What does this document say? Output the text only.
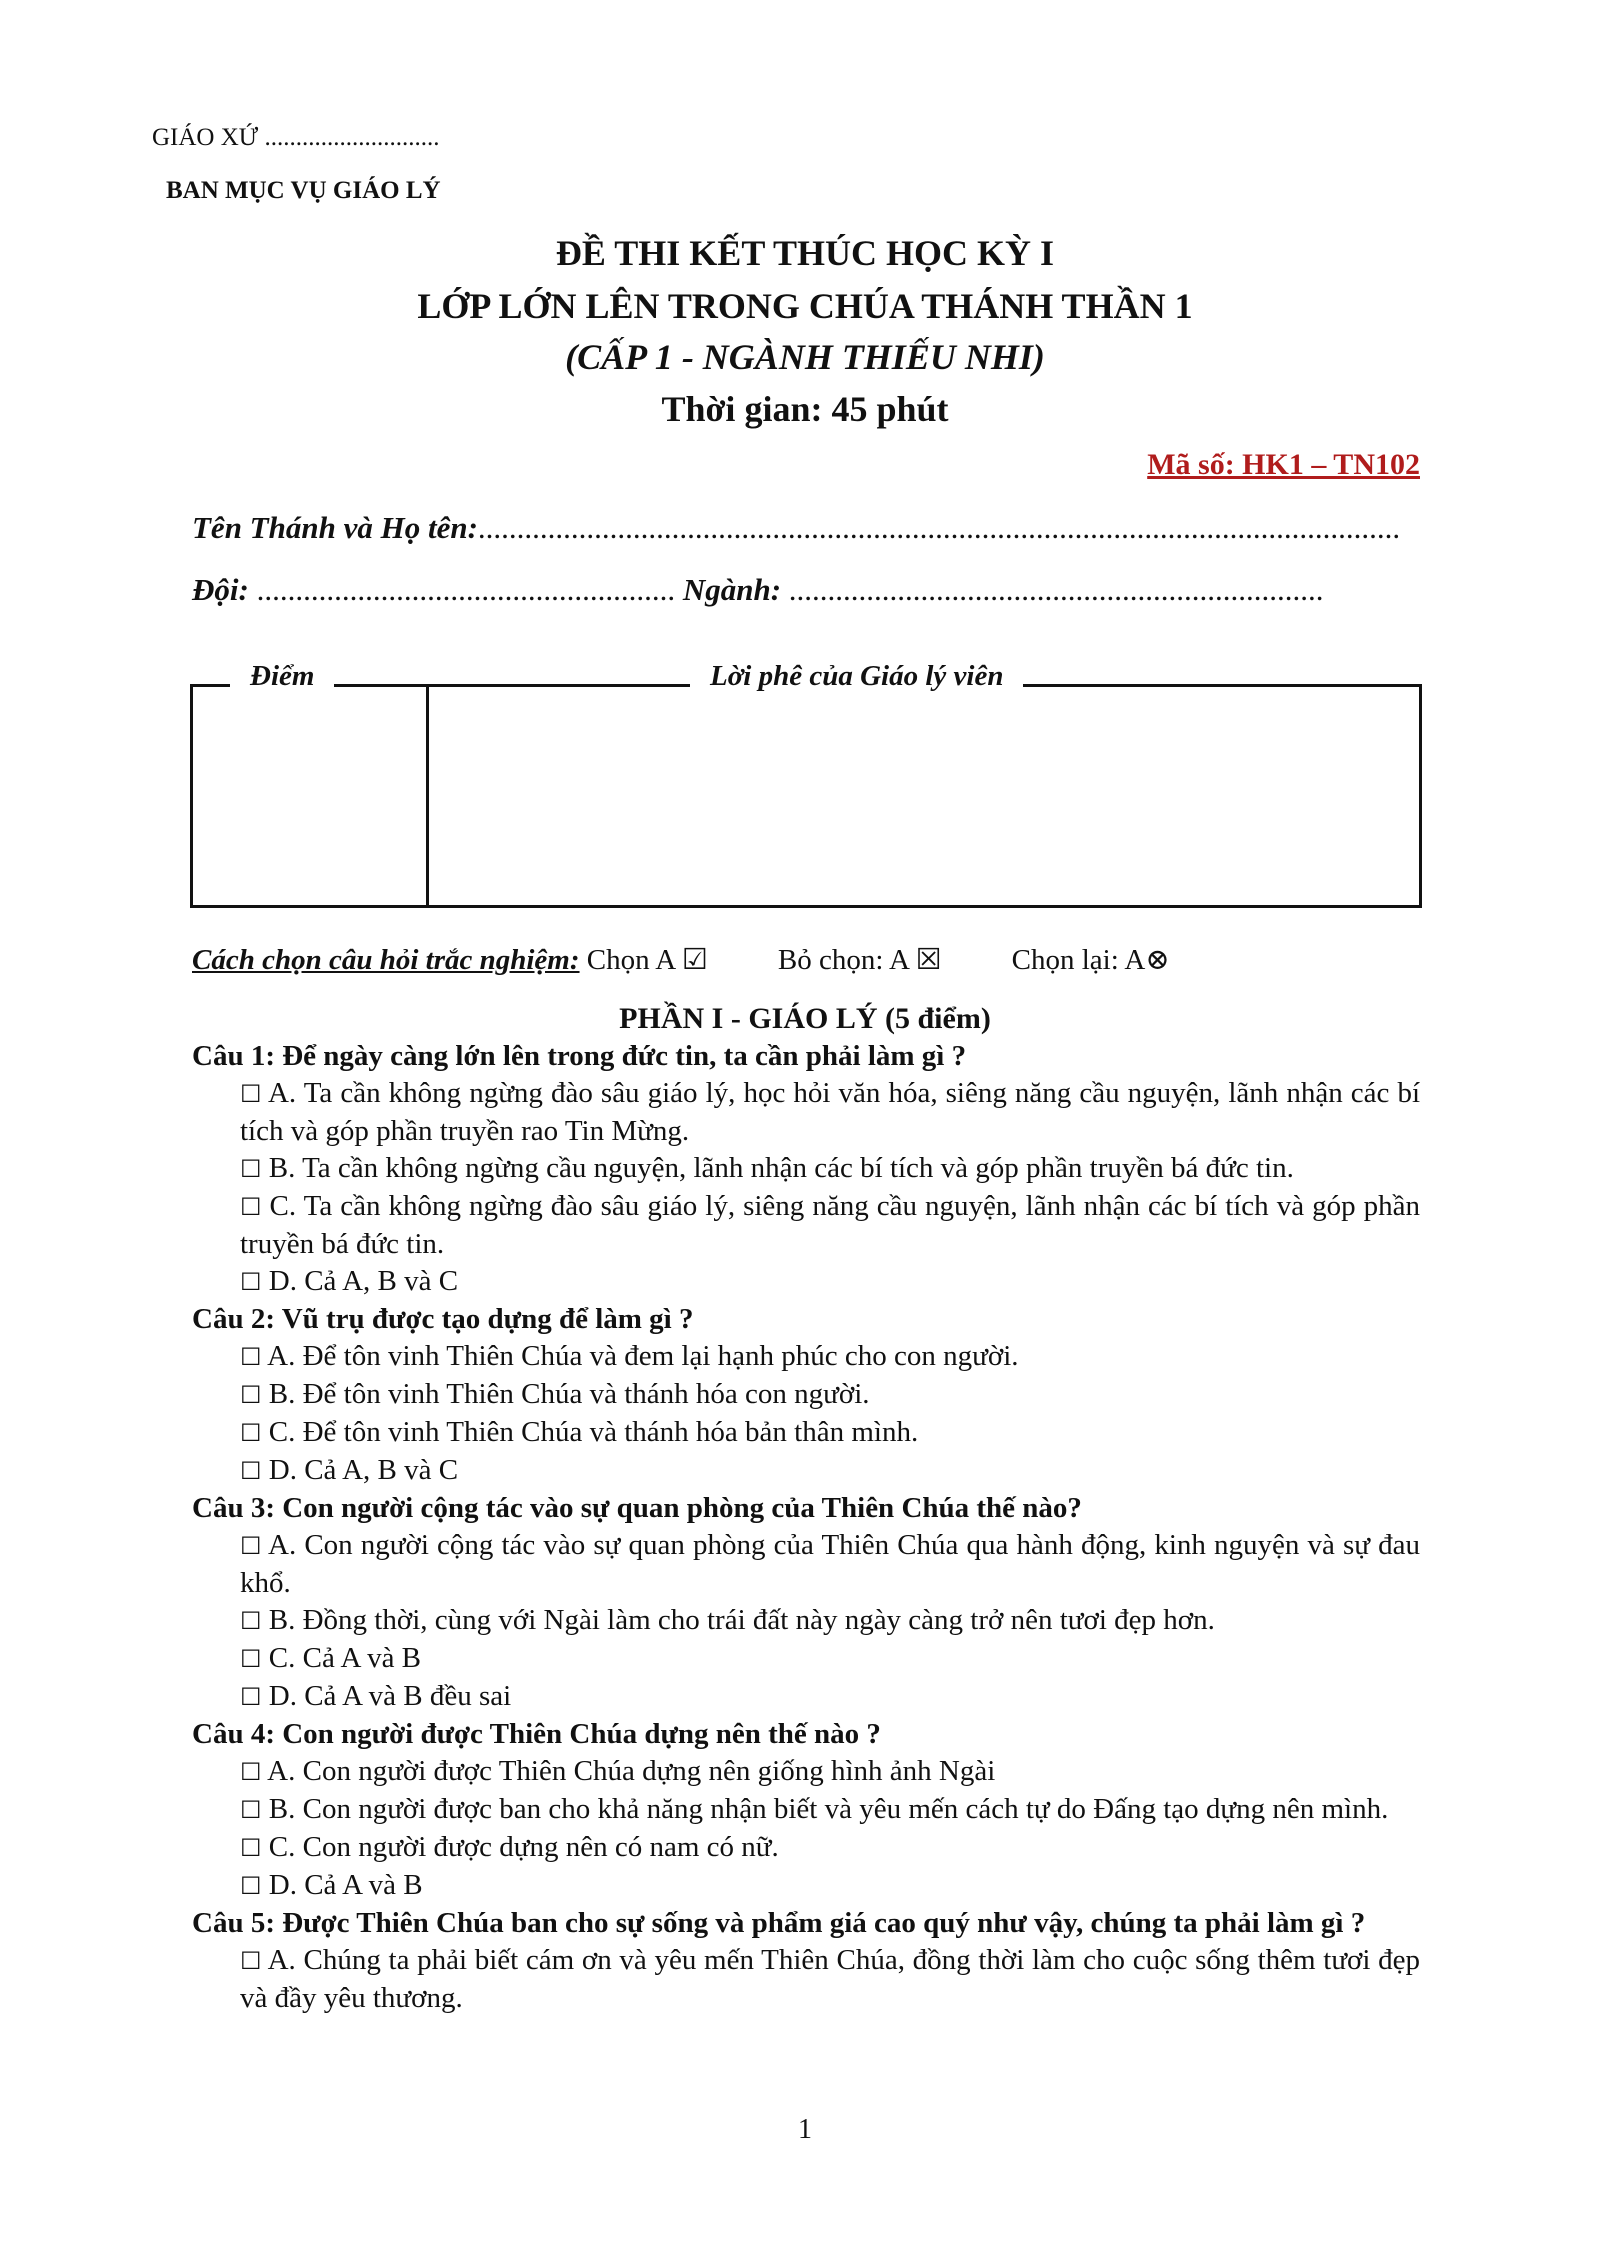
GIÁO XỨ ............................
BAN MỤC VỤ GIÁO LÝ
ĐỀ THI KẾT THÚC HỌC KỲ I
LỚP LỚN LÊN TRONG CHÚA THÁNH THẦN 1
(CẤP 1 - NGÀNH THIẾU NHI)
Thời gian: 45 phút
Mã số: HK1 – TN102
Tên Thánh và Họ tên:.......................................................................................................................
Đội: ...................................................... Ngành: .....................................................................
Điểm	Lời phê của Giáo lý viên
Cách chọn câu hỏi trắc nghiệm: Chọn A ☑ Bỏ chọn: A ☒ Chọn lại: A⊗
PHẦN I - GIÁO LÝ (5 điểm)
Câu 1: Để ngày càng lớn lên trong đức tin, ta cần phải làm gì ?
☐ A. Ta cần không ngừng đào sâu giáo lý, học hỏi văn hóa, siêng năng cầu nguyện, lãnh nhận các bí tích và góp phần truyền rao Tin Mừng.
☐ B. Ta cần không ngừng cầu nguyện, lãnh nhận các bí tích và góp phần truyền bá đức tin.
☐ C. Ta cần không ngừng đào sâu giáo lý, siêng năng cầu nguyện, lãnh nhận các bí tích và góp phần truyền bá đức tin.
☐ D. Cả A, B và C
Câu 2: Vũ trụ được tạo dựng để làm gì ?
☐ A. Để tôn vinh Thiên Chúa và đem lại hạnh phúc cho con người.
☐ B. Để tôn vinh Thiên Chúa và thánh hóa con người.
☐ C. Để tôn vinh Thiên Chúa và thánh hóa bản thân mình.
☐ D. Cả A, B và C
Câu 3: Con người cộng tác vào sự quan phòng của Thiên Chúa thế nào?
☐ A. Con người cộng tác vào sự quan phòng của Thiên Chúa qua hành động, kinh nguyện và sự đau khổ.
☐ B. Đồng thời, cùng với Ngài làm cho trái đất này ngày càng trở nên tươi đẹp hơn.
☐ C. Cả A và B
☐ D. Cả A và B đều sai
Câu 4: Con người được Thiên Chúa dựng nên thế nào ?
☐ A. Con người được Thiên Chúa dựng nên giống hình ảnh Ngài
☐ B. Con người được ban cho khả năng nhận biết và yêu mến cách tự do Đấng tạo dựng nên mình.
☐ C. Con người được dựng nên có nam có nữ.
☐ D. Cả A và B
Câu 5: Được Thiên Chúa ban cho sự sống và phẩm giá cao quý như vậy, chúng ta phải làm gì ?
☐ A. Chúng ta phải biết cám ơn và yêu mến Thiên Chúa, đồng thời làm cho cuộc sống thêm tươi đẹp và đầy yêu thương.
1
